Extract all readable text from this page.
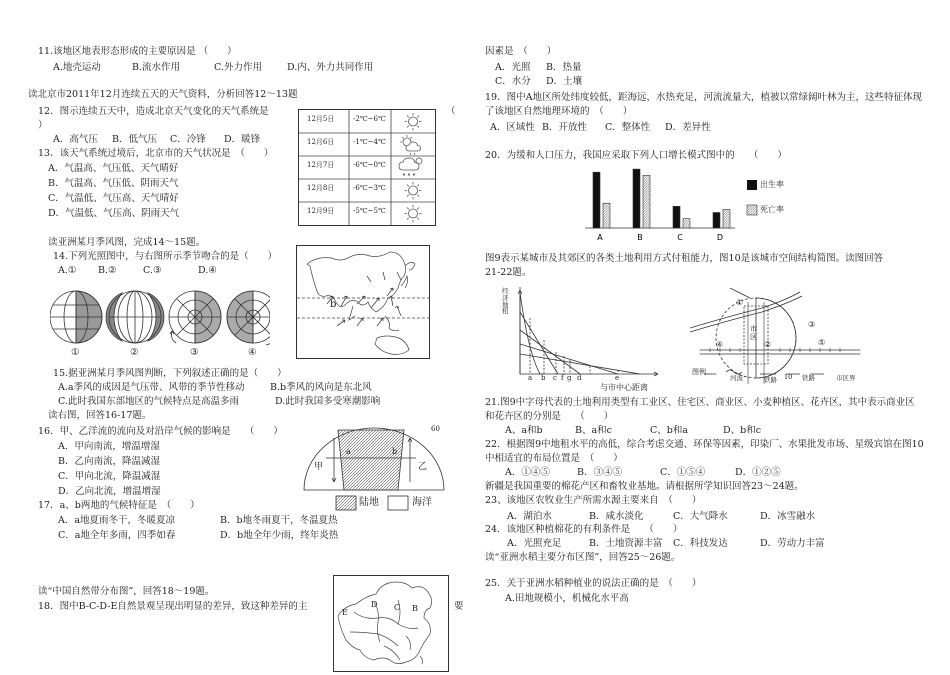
11.该地区地表形态形成的主要原因是 （　　）
A.地壳运动	B.流水作用	C.外力作用	D.内、外力共同作用
读北京市2011年12月连续五天的天气资料，分析回答12～13题
12．图示连续五天中，造成北京天气变化的天气系统是	（
）
A．高气压 B．低气压 C．冷锋 D．暖锋
13．该天气系统过境后，北京市的天气状况是　（　　）
A．气温高、气压低、天气晴好
B．气温高、气压低、阴雨天气
C．气温低、气压高、天气晴好
D．气温低、气压高、阴雨天气
12月5日	-2℃~6℃
12月6日	-1℃~4℃
12月7日	-6℃~0℃
12月8日	-6℃~3℃
12月9日	-5℃~5℃
读亚洲某月季风图，完成14～15题。
14.下列光照图中，与右图所示季节吻合的是（　　）
A.① B.②	C.③	D.④
①	②	③	④
b
15.据亚洲某月季风图判断，下列叙述正确的是（　　）
A.a季风的成因是气压带、风带的季节性移动	B.b季风的风向是东北风
C.此时我国东部地区的气候特点是高温多雨	D.此时我国多受寒潮影响
读右图，回答16-17题。
16．甲、乙洋流的流向及对沿岸气候的影响是　　（　　）
A．甲向南流，增温增湿
B．乙向南流，降温减湿
C．甲向北流，降温减湿
D．乙向北流，增温增湿
17．a、b两地的气候特征是　（　　）
A．a地夏雨冬干，冬暖夏凉	B．b地冬雨夏干，冬温夏热
C．a地全年多雨，四季如春	D．b地全年少雨，终年炎热
60
甲	乙
a	b
陆地	海洋
读“中国自然带分布图”，回答18～19题。
18．图中B-C-D-E自然景观呈现出明显的差异，致这种差异的主	要
E
D C B
因素是　（　　）
A．光照 B．热量
C．水分 D．土壤
19．图中A地区所处纬度较低，距海远，水热充足，河流流量大，植被以常绿阔叶林为主，这些特征体现
了该地区自然地理环境的　（　　）
A．区域性 B．开放性 C．整体性 D．差异性
20．为缓和人口压力，我国应采取下列人口增长模式图中的　　（　　）
A	B	C	D
出生率
死亡率
图9表示某城市及其郊区的各类土地利用方式付租能力，图10是该城市空间结构简图。读图回答
21-22题。
经济地租
a b c f g d	e
与市中心距离
①
②
③
④	⑤
市区
图例
河流	铁路 10 铁路	市区界
21.图9中字母代表的土地利用类型有工业区、住宅区、商业区、小麦种植区、花卉区，其中表示商业区
和花卉区的分别是　　（　　）
A、a和b	B、a和c	C、b和a	D、b和c
22．根据图9中地租水平的高低，综合考虑交通、环保等因素，印染厂、水果批发市场、星级宾馆在图10
中相适宜的布局位置是　（　　）
A．①④⑤	B．③④⑤	C．①⑤④	D．①②⑤
新疆是我国重要的棉花产区和畜牧业基地。请根据所学知识回答23～24题。
23、该地区农牧业生产所需水源主要来自　（　　）
A．湖泊水	B．咸水淡化	C．大气降水	D．冰雪融水
24．该地区种植棉花的有利条件是　　（　　）
A．光照充足	B．土地资源丰富 C．科技发达	D．劳动力丰富
读“亚洲水稻主要分布区图”，回答25～26题。
25．关于亚洲水稻种植业的说法正确的是　（　　）
A.田地规模小，机械化水平高
